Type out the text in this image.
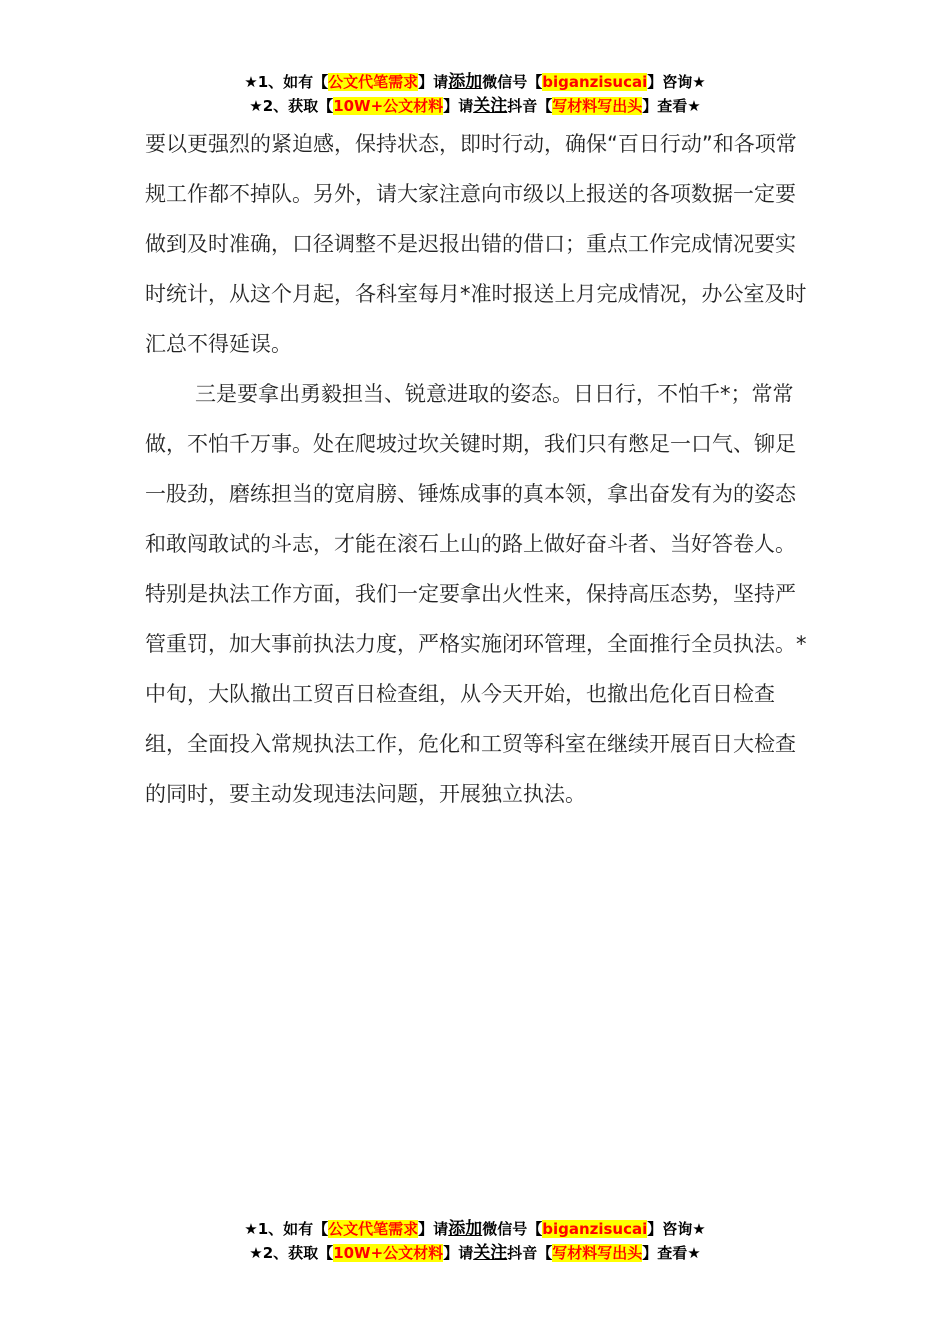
★1、如有【公文代笔需求】请添加微信号【biganzisucai】咨询★
★2、获取【10W+公文材料】请关注抖音【写材料写出头】查看★

要以更强烈的紧迫感，保持状态，即时行动，确保“百日行动”和各项常规工作都不掉队。另外，请大家注意向市级以上报送的各项数据一定要做到及时准确，口径调整不是迟报出错的借口；重点工作完成情况要实时统计，从这个月起，各科室每月*准时报送上月完成情况，办公室及时汇总不得延误。

三是要拿出勇毅担当、锐意进取的姿态。日日行，不怕千*；常常做，不怕千万事。处在爬坡过坎关键时期，我们只有憋足一口气、铆足一股劲，磨练担当的宽肩膀、锤炼成事的真本领，拿出奋发有为的姿态和敢闯敢试的斗志，才能在滚石上山的路上做好奋斗者、当好答卷人。特别是执法工作方面，我们一定要拿出火性来，保持高压态势，坚持严管重罚，加大事前执法力度，严格实施闭环管理，全面推行全员执法。*中旬，大队撤出工贸百日检查组，从今天开始，也撤出危化百日检查组，全面投入常规执法工作，危化和工贸等科室在继续开展百日大检查的同时，要主动发现违法问题，开展独立执法。

★1、如有【公文代笔需求】请添加微信号【biganzisucai】咨询★
★2、获取【10W+公文材料】请关注抖音【写材料写出头】查看★
